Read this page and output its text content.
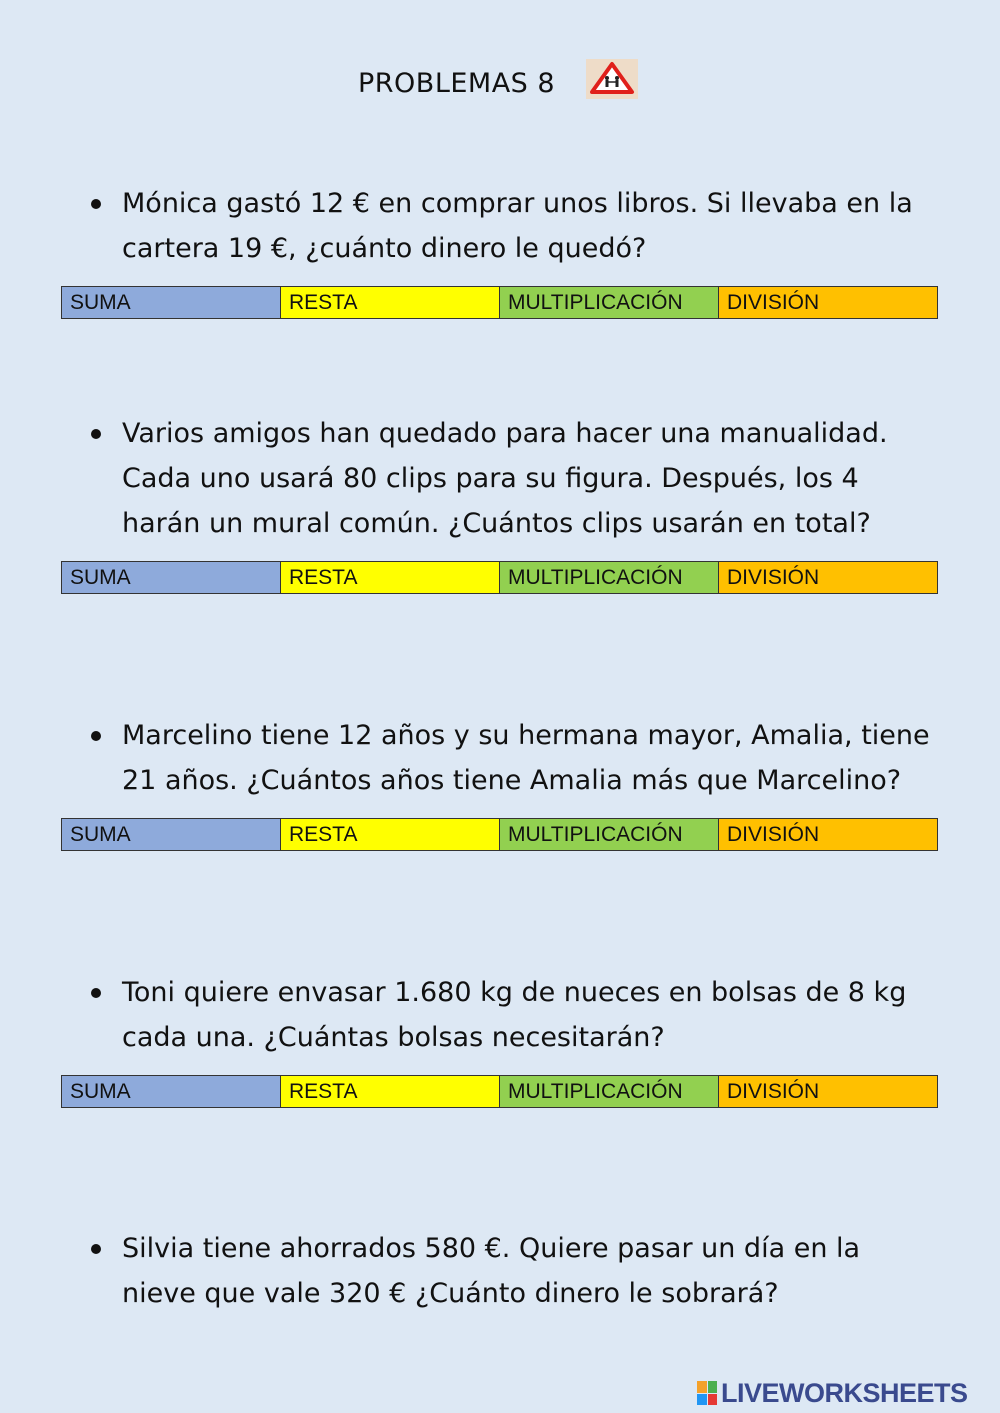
PROBLEMAS 8
Mónica gastó 12 € en comprar unos libros. Si llevaba en la
cartera 19 €, ¿cuánto dinero le quedó?
SUMA	RESTA	MULTIPLICACIÓN	DIVISIÓN
Varios amigos han quedado para hacer una manualidad.
Cada uno usará 80 clips para su figura. Después, los 4
harán un mural común. ¿Cuántos clips usarán en total?
SUMA	RESTA	MULTIPLICACIÓN	DIVISIÓN
Marcelino tiene 12 años y su hermana mayor, Amalia, tiene
21 años. ¿Cuántos años tiene Amalia más que Marcelino?
SUMA	RESTA	MULTIPLICACIÓN	DIVISIÓN
Toni quiere envasar 1.680 kg de nueces en bolsas de 8 kg
cada una. ¿Cuántas bolsas necesitarán?
SUMA	RESTA	MULTIPLICACIÓN	DIVISIÓN
Silvia tiene ahorrados 580 €. Quiere pasar un día en la
nieve que vale 320 € ¿Cuánto dinero le sobrará?
LIVEWORKSHEETS
